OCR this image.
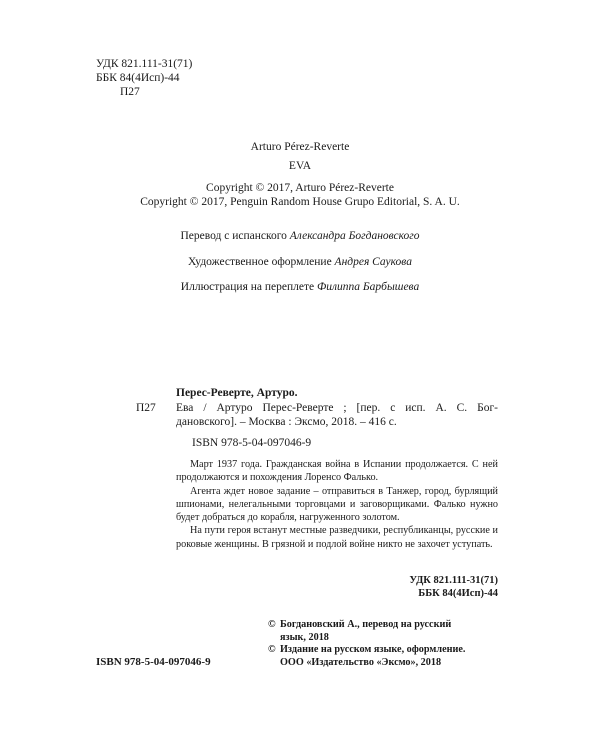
УДК 821.111-31(71)
ББК 84(4Исп)-44
П27
Arturo Pérez-Reverte
EVA
Copyright © 2017, Arturo Pérez-Reverte
Copyright © 2017, Penguin Random House Grupo Editorial, S. A. U.
Перевод с испанского Александра Богдановского
Художественное оформление Андрея Саукова
Иллюстрация на переплете Филиппа Барбышева
Перес-Реверте, Артуро.
П27 Ева / Артуро Перес-Реверте ; [пер. с исп. А. С. Бог-
дановского]. – Москва : Эксмо, 2018. – 416 с.
ISBN 978-5-04-097046-9

Март 1937 года. Гражданская война в Испании продолжается. С ней продолжаются и похождения Лоренсо Фалько.

Агента ждет новое задание – отправиться в Танжер, город, бурлящий шпионами, нелегальными торговцами и заговорщиками. Фалько нужно будет добраться до корабля, нагруженного золотом.

На пути героя встанут местные разведчики, республиканцы, русские и роковые женщины. В грязной и подлой войне никто не захочет уступать.

УДК 821.111-31(71)
ББК 84(4Исп)-44
ISBN 978-5-04-097046-9
© Богдановский А., перевод на русский
язык, 2018
© Издание на русском языке, оформление.
ООО «Издательство «Эксмо», 2018
